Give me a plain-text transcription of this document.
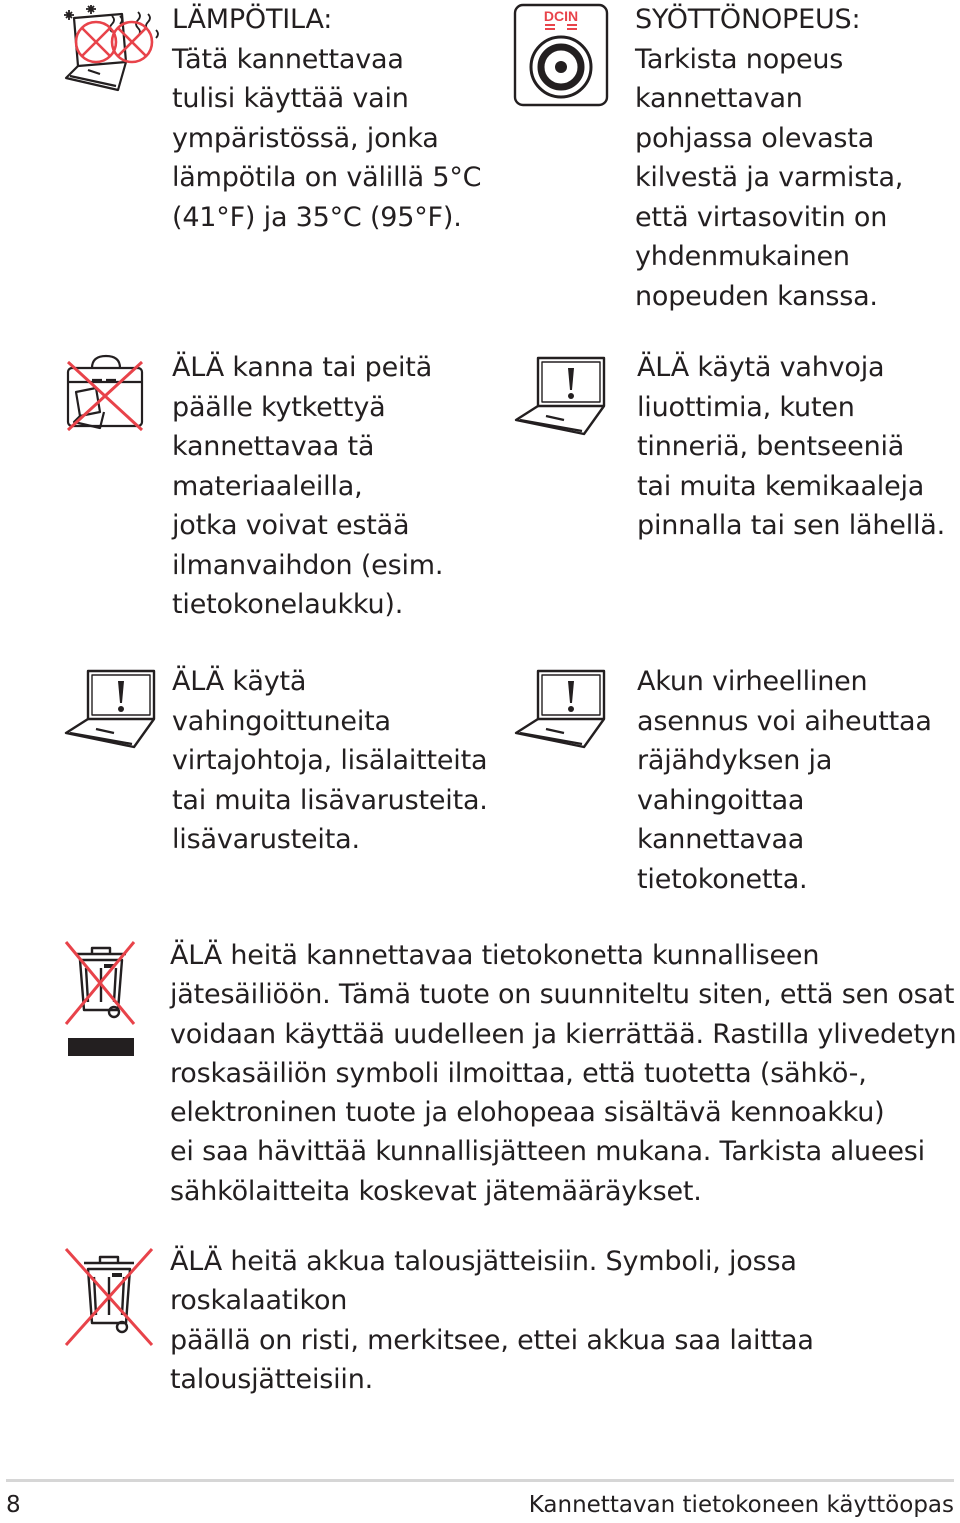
LÄMPÖTILA:
Tätä kannettavaa
tulisi käyttää vain
ympäristössä, jonka
lämpötila on välillä 5°C
(41°F) ja 35°C (95°F).

DCIN SYÖTTÖNOPEUS:
Tarkista nopeus
kannettavan
pohjassa olevasta
kilvestä ja varmista,
että virtasovitin on
yhdenmukainen
nopeuden kanssa.

ÄLÄ kanna tai peitä
päälle kytkettyä
kannettavaa tä
materiaaleilla,
jotka voivat estää
ilmanvaihdon (esim.
tietokonelaukku).

ÄLÄ käytä vahvoja
liuottimia, kuten
tinneriä, bentseeniä
tai muita kemikaaleja
pinnalla tai sen lähellä.

ÄLÄ käytä
vahingoittuneita
virtajohtoja, lisälaitteita
tai muita lisävarusteita.
lisävarusteita.

Akun virheellinen
asennus voi aiheuttaa
räjähdyksen ja
vahingoittaa
kannettavaa
tietokonetta.

ÄLÄ heitä kannettavaa tietokonetta kunnalliseen
jätesäiliöön. Tämä tuote on suunniteltu siten, että sen osat
voidaan käyttää uudelleen ja kierrättää. Rastilla ylivedetyn
roskasäiliön symboli ilmoittaa, että tuotetta (sähkö-,
elektroninen tuote ja elohopeaa sisältävä kennoakku)
ei saa hävittää kunnallisjätteen mukana. Tarkista alueesi
sähkölaitteita koskevat jätemääräykset.

ÄLÄ heitä akkua talousjätteisiin. Symboli, jossa roskalaatikon
päällä on risti, merkitsee, ettei akkua saa laittaa
talousjätteisiin.

8	Kannettavan tietokoneen käyttöopas
